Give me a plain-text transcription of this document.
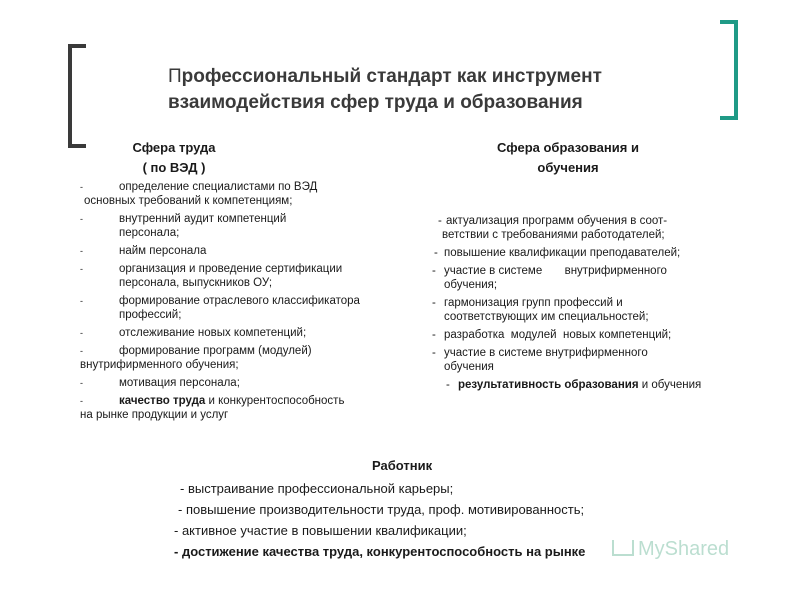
Профессиональный стандарт как инструмент
взаимодействия сфер труда и образования
Сфера труда
( по ВЭД )
Сфера образования и
обучения
-	определение специалистами по ВЭД
основных требований к компетенциям;
-	внутренний аудит компетенций
персонала;
-	найм персонала
-	организация и проведение сертификации
персонала, выпускников ОУ;
-	формирование отраслевого классификатора
профессий;
-	отслеживание новых компетенций;
-	формирование программ (модулей)
внутрифирменного обучения;
-	мотивация персонала;
-	качество труда и конкурентоспособность
на рынке продукции и услуг
- актуализация программ обучения в соот-
ветствии с требованиями работодателей;
- повышение квалификации преподавателей;
- участие в системе       внутрифирменного
обучения;
- гармонизация групп профессий и
соответствующих им специальностей;
- разработка  модулей  новых компетенций;
- участие в системе внутрифирменного
обучения
- результативность образования и обучения
Работник
- выстраивание профессиональной карьеры;
- повышение производительности труда, проф. мотивированность;
- активное участие в повышении квалификации;
- достижение качества труда, конкурентоспособность на рынке	MyShared
